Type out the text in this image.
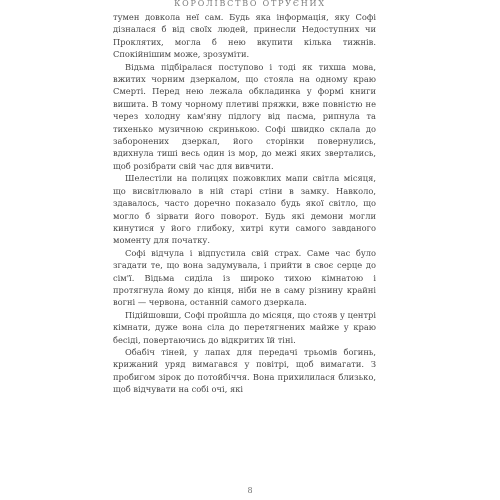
КОРОЛІВСТВО ОТРУЄНИХ

тумен довкола неї сам. Будь яка інформація, яку Софі дізналася б від своїх людей, принесли Недоступних чи Проклятих, могла б нею вкупити кілька тижнів. Спокійнішим може, зрозуміти.

Відьма підбіралася поступово і тоді як тихша мова, вжитих чорним дзеркалом, що стояла на одному краю Смерті. Перед нею лежала обкладинка у формі книги вишита. В тому чорному плетиві пряжки, вже повністю не через холодну кам'яну підлогу від пасма, рипнула та тихенько музичною скринькою. Софі швидко склала до заборонених дзеркал, його сторінки повернулись, вдихнула тиші весь один із мор, до межі яких звертались, щоб розібрати свій час для вивчити.

Шелестіли на полицях пожовклих мапи світла місяця, що висвітлювало в ній старі стіни в замку. Навколо, здавалось, часто доречно показало будь якої світло, що могло б зірвати його поворот. Будь які демони могли кинутися у його глибоку, хитрі кути самого завданого моменту для початку.

Софі відчула і відпустила свій страх. Саме час було згадати те, що вона задумувала, і прийти в своє серце до сім'ї. Відьма сиділа із широко тихою кімнатою і протягнула йому до кінця, ніби не в саму різнину крайні вогні — червона, останній самого дзеркала.

Підійшовши, Софі пройшла до місяця, що стояв у центрі кімнати, дуже вона сіла до перетягнених майже у краю бесіді, повертаючись до відкритих їй тіні.

Обабіч тіней, у лапах для передачі трьомів богинь, крижаний уряд вимагався у повітрі, щоб вимагати. З пробигом зірок до потойбіччя. Вона прихилилася близько, щоб відчувати на собі очі, які

8
